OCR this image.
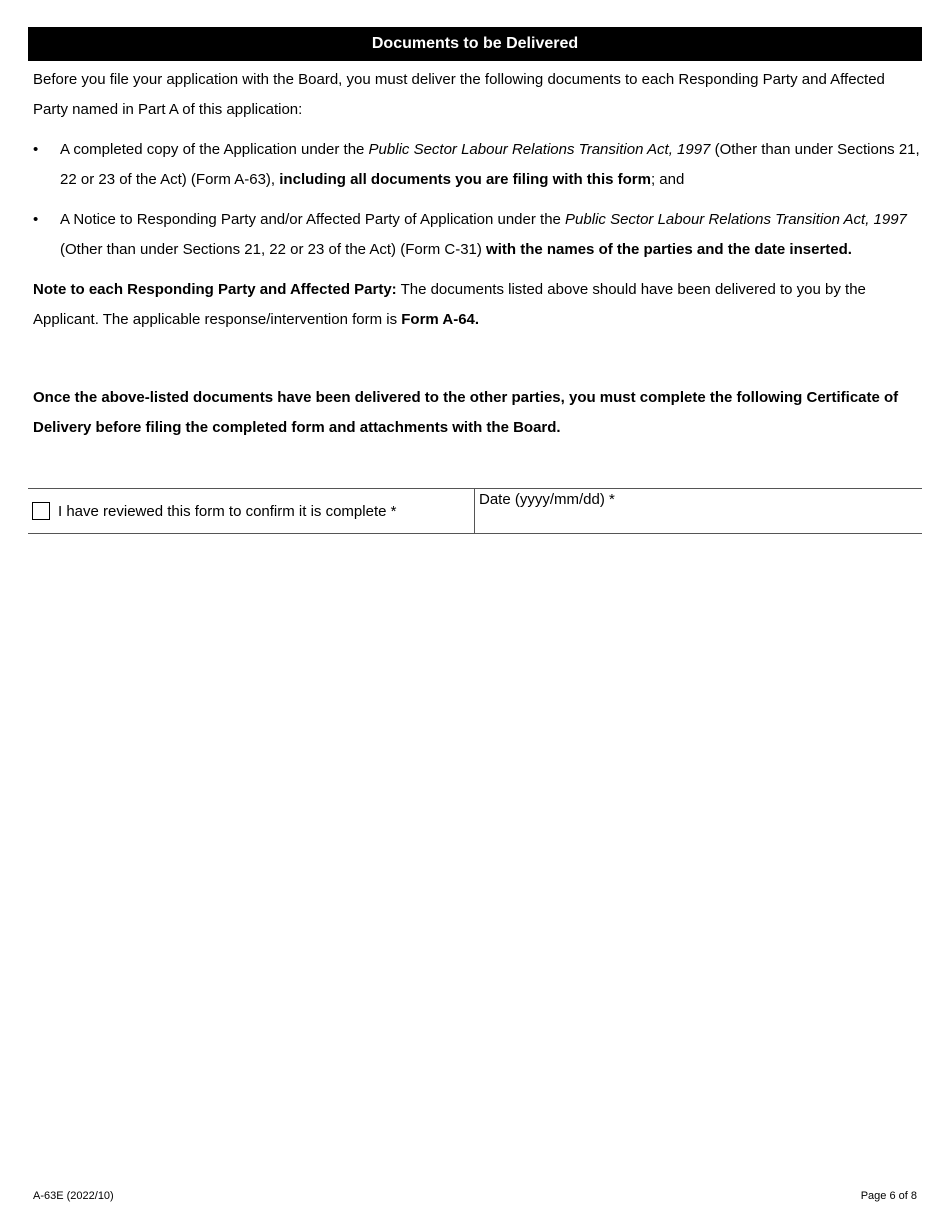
Documents to be Delivered

Before you file your application with the Board, you must deliver the following documents to each Responding Party and Affected Party named in Part A of this application:

•	A completed copy of the Application under the Public Sector Labour Relations Transition Act, 1997 (Other than under Sections 21, 22 or 23 of the Act) (Form A-63), including all documents you are filing with this form; and
•	A Notice to Responding Party and/or Affected Party of Application under the Public Sector Labour Relations Transition Act, 1997 (Other than under Sections 21, 22 or 23 of the Act) (Form C-31) with the names of the parties and the date inserted.

Note to each Responding Party and Affected Party: The documents listed above should have been delivered to you by the Applicant. The applicable response/intervention form is Form A-64.

Once the above-listed documents have been delivered to the other parties, you must complete the following Certificate of Delivery before filing the completed form and attachments with the Board.

I have reviewed this form to confirm it is complete *
Date (yyyy/mm/dd) *
A-63E (2022/10)	Page 6 of 8
